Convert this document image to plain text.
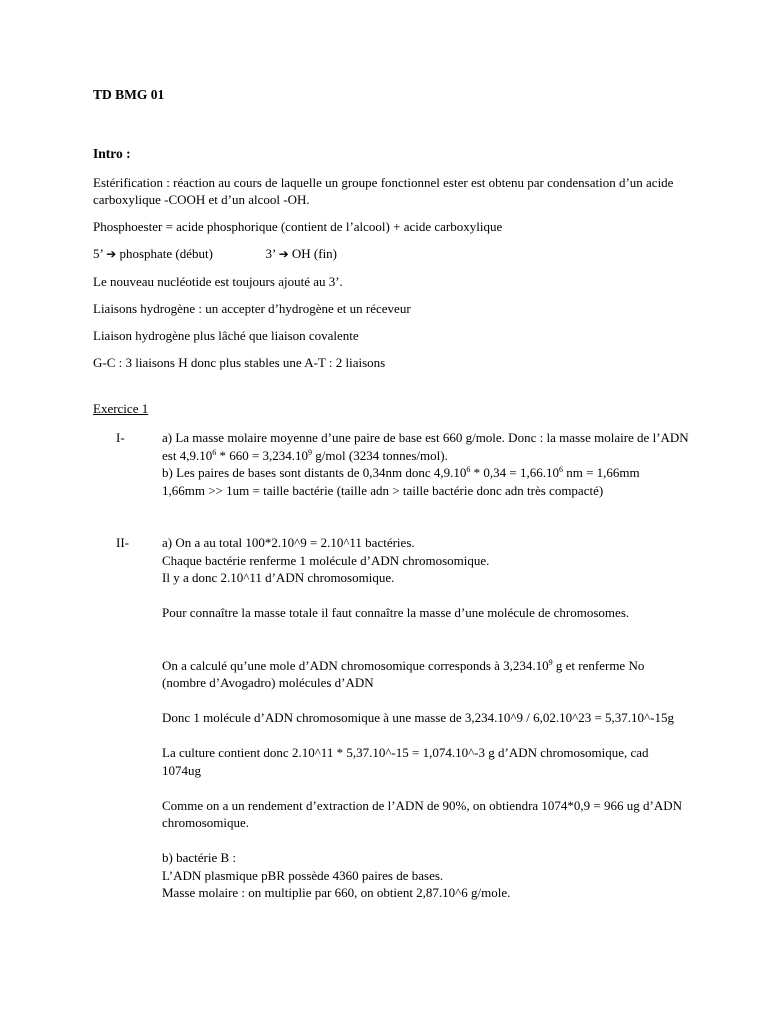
TD BMG 01
Intro :

Estérification : réaction au cours de laquelle un groupe fonctionnel ester est obtenu par condensation d’un acide carboxylique -COOH et d’un alcool -OH.

Phosphoester = acide phosphorique (contient de l’alcool) + acide carboxylique

5’ ➔ phosphate (début)	3’ ➔ OH (fin)

Le nouveau nucléotide est toujours ajouté au 3’.

Liaisons hydrogène : un accepter d’hydrogène et un réceveur

Liaison hydrogène plus lâché que liaison covalente

G-C : 3 liaisons H donc plus stables une A-T : 2 liaisons

Exercice 1
I-	a) La masse molaire moyenne d’une paire de base est 660 g/mole. Donc : la masse molaire de l’ADN est $4,9.10^6 * 660 = 3,234.10^9$ g/mol (3234 tonnes/mol).
b) Les paires de bases sont distants de 0,34nm donc $4,9.10^6 * 0,34 = 1,66.10^6$ nm = 1,66mm
1,66mm >> 1um = taille bactérie (taille adn > taille bactérie donc adn très compacté)
II-	a) On a au total 100*2.10^9 = 2.10^11 bactéries.
Chaque bactérie renferme 1 molécule d’ADN chromosomique.
Il y a donc 2.10^11 d’ADN chromosomique.
Pour connaître la masse totale il faut connaître la masse d’une molécule de chromosomes.
On a calculé qu’une mole d’ADN chromosomique corresponds à 3,234.10$^9$ g et renferme No (nombre d’Avogadro) molécules d’ADN
Donc 1 molécule d’ADN chromosomique à une masse de 3,234.10^9 / 6,02.10^23 = 5,37.10^-15g
La culture contient donc 2.10^11 * 5,37.10^-15 = 1,074.10^-3 g d’ADN chromosomique, cad 1074ug
Comme on a un rendement d’extraction de l’ADN de 90%, on obtiendra 1074*0,9 = 966 ug d’ADN chromosomique.
b) bactérie B :
L’ADN plasmique pBR possède 4360 paires de bases.
Masse molaire : on multiplie par 660, on obtient 2,87.10^6 g/mole.
